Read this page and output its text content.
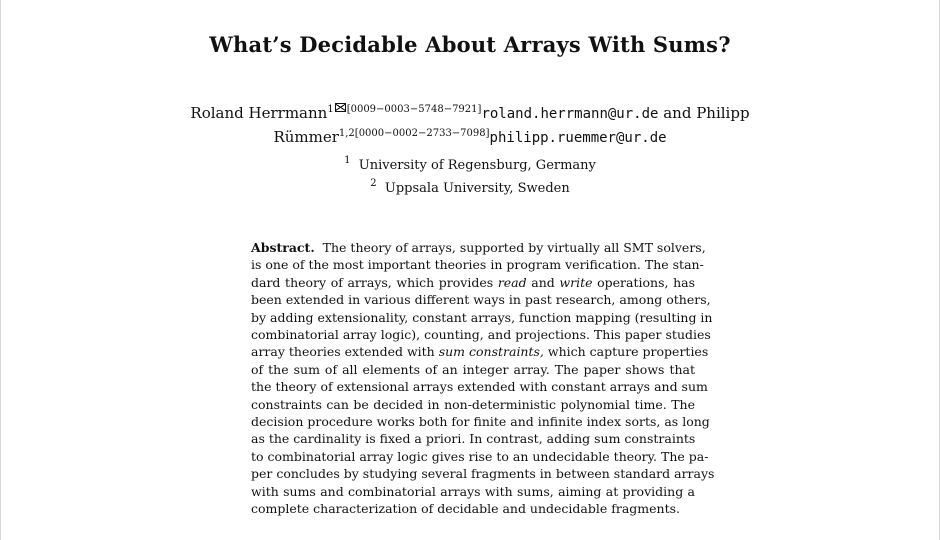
What’s Decidable About Arrays With Sums?
Roland Herrmann$^1$ [0009−0003−5748−7921]roland.herrmann@ur.de and Philipp
Rümmer$^{1,2[0000-0002-2733-7098]}$philipp.ruemmer@ur.de
$^1$ University of Regensburg, Germany
$^2$ Uppsala University, Sweden
Abstract. The theory of arrays, supported by virtually all SMT solvers,
is one of the most important theories in program verification. The stan-
dard theory of arrays, which provides read and write operations, has
been extended in various different ways in past research, among others,
by adding extensionality, constant arrays, function mapping (resulting in
combinatorial array logic), counting, and projections. This paper studies
array theories extended with sum constraints, which capture properties
of the sum of all elements of an integer array. The paper shows that
the theory of extensional arrays extended with constant arrays and sum
constraints can be decided in non-deterministic polynomial time. The
decision procedure works both for finite and infinite index sorts, as long
as the cardinality is fixed a priori. In contrast, adding sum constraints
to combinatorial array logic gives rise to an undecidable theory. The pa-
per concludes by studying several fragments in between standard arrays
with sums and combinatorial arrays with sums, aiming at providing a
complete characterization of decidable and undecidable fragments.
